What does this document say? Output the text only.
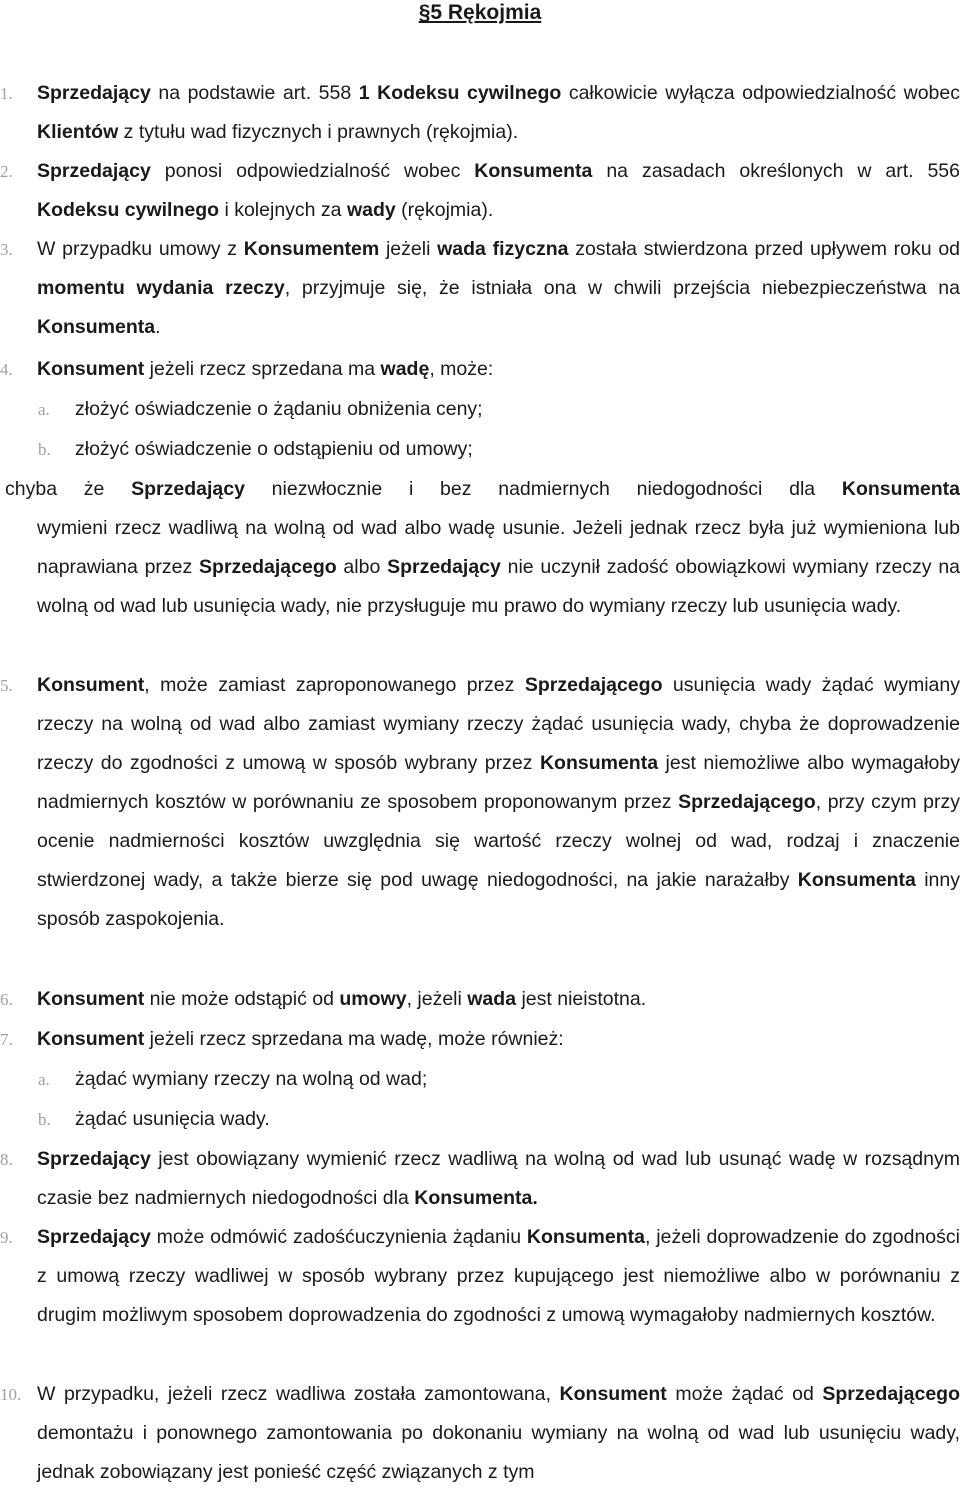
§5 Rękojmia
1.	Sprzedający na podstawie art. 558 1 Kodeksu cywilnego całkowicie wyłącza odpowiedzialność wobec Klientów z tytułu wad fizycznych i prawnych (rękojmia).
2.	Sprzedający ponosi odpowiedzialność wobec Konsumenta na zasadach określonych w art. 556 Kodeksu cywilnego i kolejnych za wady (rękojmia).
3.	W przypadku umowy z Konsumentem jeżeli wada fizyczna została stwierdzona przed upływem roku od momentu wydania rzeczy, przyjmuje się, że istniała ona w chwili przejścia niebezpieczeństwa na Konsumenta.
4.	Konsument jeżeli rzecz sprzedana ma wadę, może:
a.	złożyć oświadczenie o żądaniu obniżenia ceny;
b.	złożyć oświadczenie o odstąpieniu od umowy;
5.	Konsument, może zamiast zaproponowanego przez Sprzedającego usunięcia wady żądać wymiany rzeczy na wolną od wad albo zamiast wymiany rzeczy żądać usunięcia wady, chyba że doprowadzenie rzeczy do zgodności z umową w sposób wybrany przez Konsumenta jest niemożliwe albo wymagałoby nadmiernych kosztów w porównaniu ze sposobem proponowanym przez Sprzedającego, przy czym przy ocenie nadmierności kosztów uwzględnia się wartość rzeczy wolnej od wad, rodzaj i znaczenie stwierdzonej wady, a także bierze się pod uwagę niedogodności, na jakie narażałby Konsumenta inny sposób zaspokojenia.
6.	Konsument nie może odstąpić od umowy, jeżeli wada jest nieistotna.
7.	Konsument jeżeli rzecz sprzedana ma wadę, może również:
a.	żądać wymiany rzeczy na wolną od wad;
b.	żądać usunięcia wady.
8.	Sprzedający jest obowiązany wymienić rzecz wadliwą na wolną od wad lub usunąć wadę w rozsądnym czasie bez nadmiernych niedogodności dla Konsumenta.
9.	Sprzedający może odmówić zadośćuczynienia żądaniu Konsumenta, jeżeli doprowadzenie do zgodności z umową rzeczy wadliwej w sposób wybrany przez kupującego jest niemożliwe albo w porównaniu z drugim możliwym sposobem doprowadzenia do zgodności z umową wymagałoby nadmiernych kosztów.
10. W przypadku, jeżeli rzecz wadliwa została zamontowana, Konsument może żądać od Sprzedającego demontażu i ponownego zamontowania po dokonaniu wymiany na wolną od wad lub usunięciu wady, jednak zobowiązany jest ponieść część związanych z tym
chyba że Sprzedający niezwłocznie i bez nadmiernych niedogodności dla Konsumenta
wymieni rzecz wadliwą na wolną od wad albo wadę usunie. Jeżeli jednak rzecz była już wymieniona lub naprawiana przez Sprzedającego albo Sprzedający nie uczynił zadość obowiązkowi wymiany rzeczy na wolną od wad lub usunięcia wady, nie przysługuje mu prawo do wymiany rzeczy lub usunięcia wady.
